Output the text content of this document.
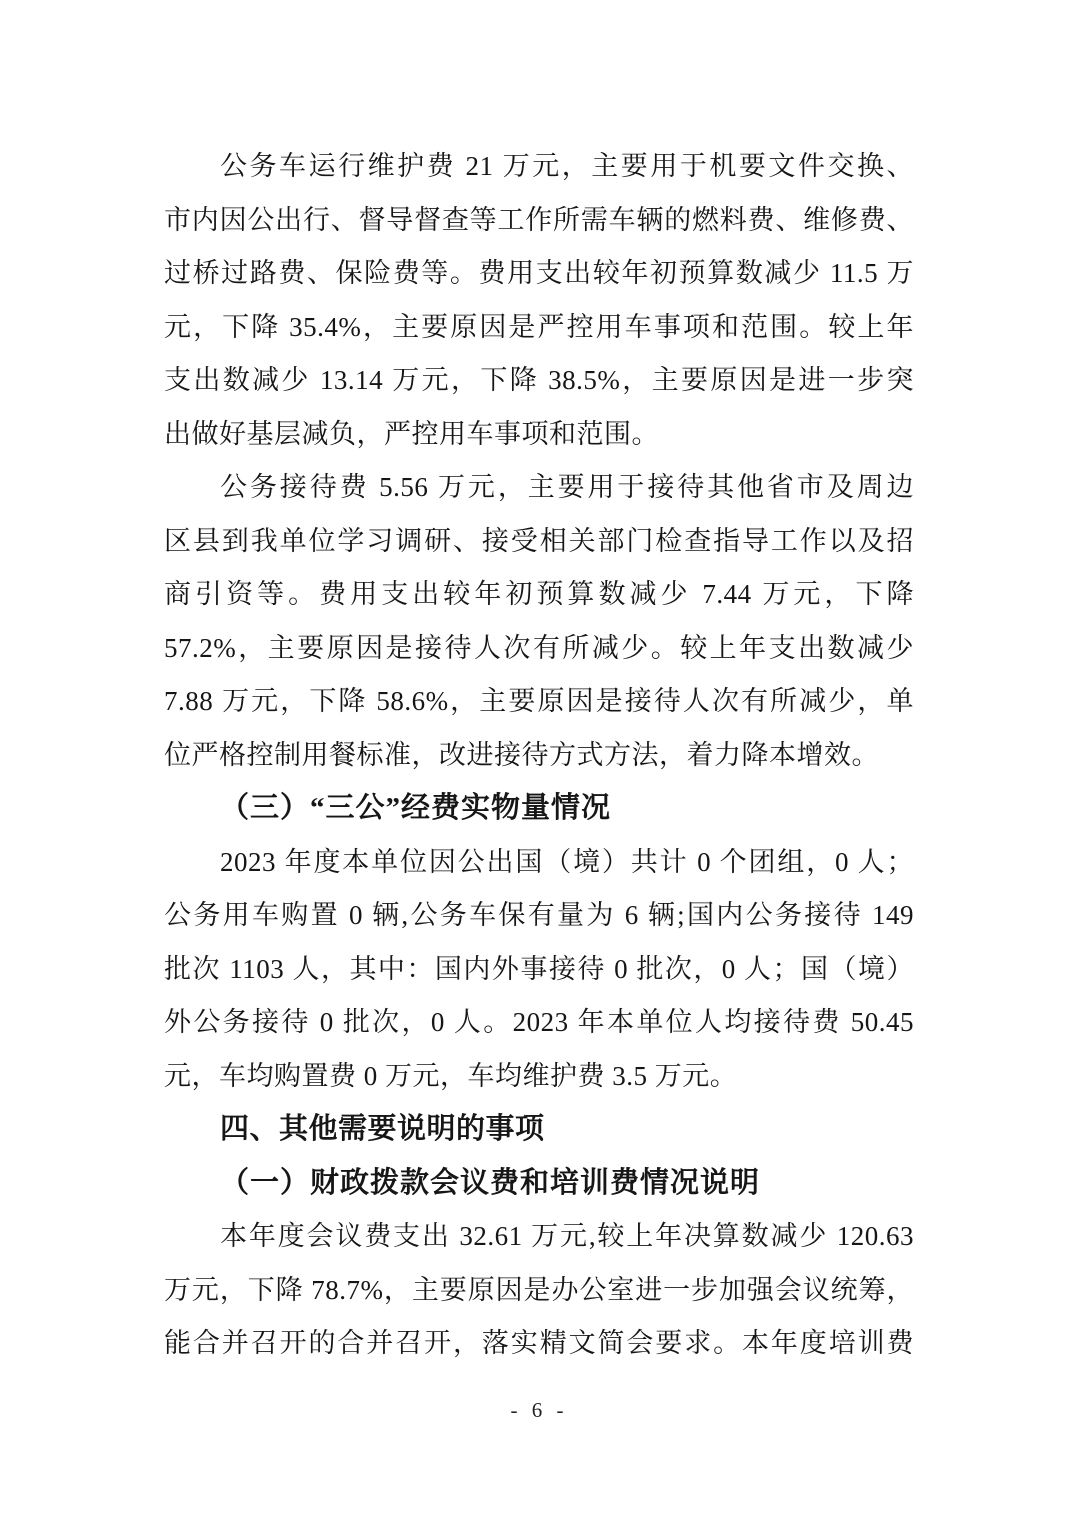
公务车运行维护费 21 万元，主要用于机要文件交换、
市内因公出行、督导督查等工作所需车辆的燃料费、维修费、
过桥过路费、保险费等。费用支出较年初预算数减少 11.5 万
元，下降 35.4%，主要原因是严控用车事项和范围。较上年
支出数减少 13.14 万元，下降 38.5%，主要原因是进一步突
出做好基层减负，严控用车事项和范围。
公务接待费 5.56 万元，主要用于接待其他省市及周边
区县到我单位学习调研、接受相关部门检查指导工作以及招
商引资等。费用支出较年初预算数减少 7.44 万元，下降
57.2%，主要原因是接待人次有所减少。较上年支出数减少
7.88 万元，下降 58.6%，主要原因是接待人次有所减少，单
位严格控制用餐标准，改进接待方式方法，着力降本增效。
（三）“三公”经费实物量情况
2023 年度本单位因公出国（境）共计 0 个团组，0 人；
公务用车购置 0 辆,公务车保有量为 6 辆;国内公务接待 149
批次 1103 人，其中：国内外事接待 0 批次，0 人；国（境）
外公务接待 0 批次，0 人。2023 年本单位人均接待费 50.45
元，车均购置费 0 万元，车均维护费 3.5 万元。
四、其他需要说明的事项
（一）财政拨款会议费和培训费情况说明
本年度会议费支出 32.61 万元,较上年决算数减少 120.63
万元，下降 78.7%，主要原因是办公室进一步加强会议统筹，
能合并召开的合并召开，落实精文简会要求。本年度培训费
- 6 -
